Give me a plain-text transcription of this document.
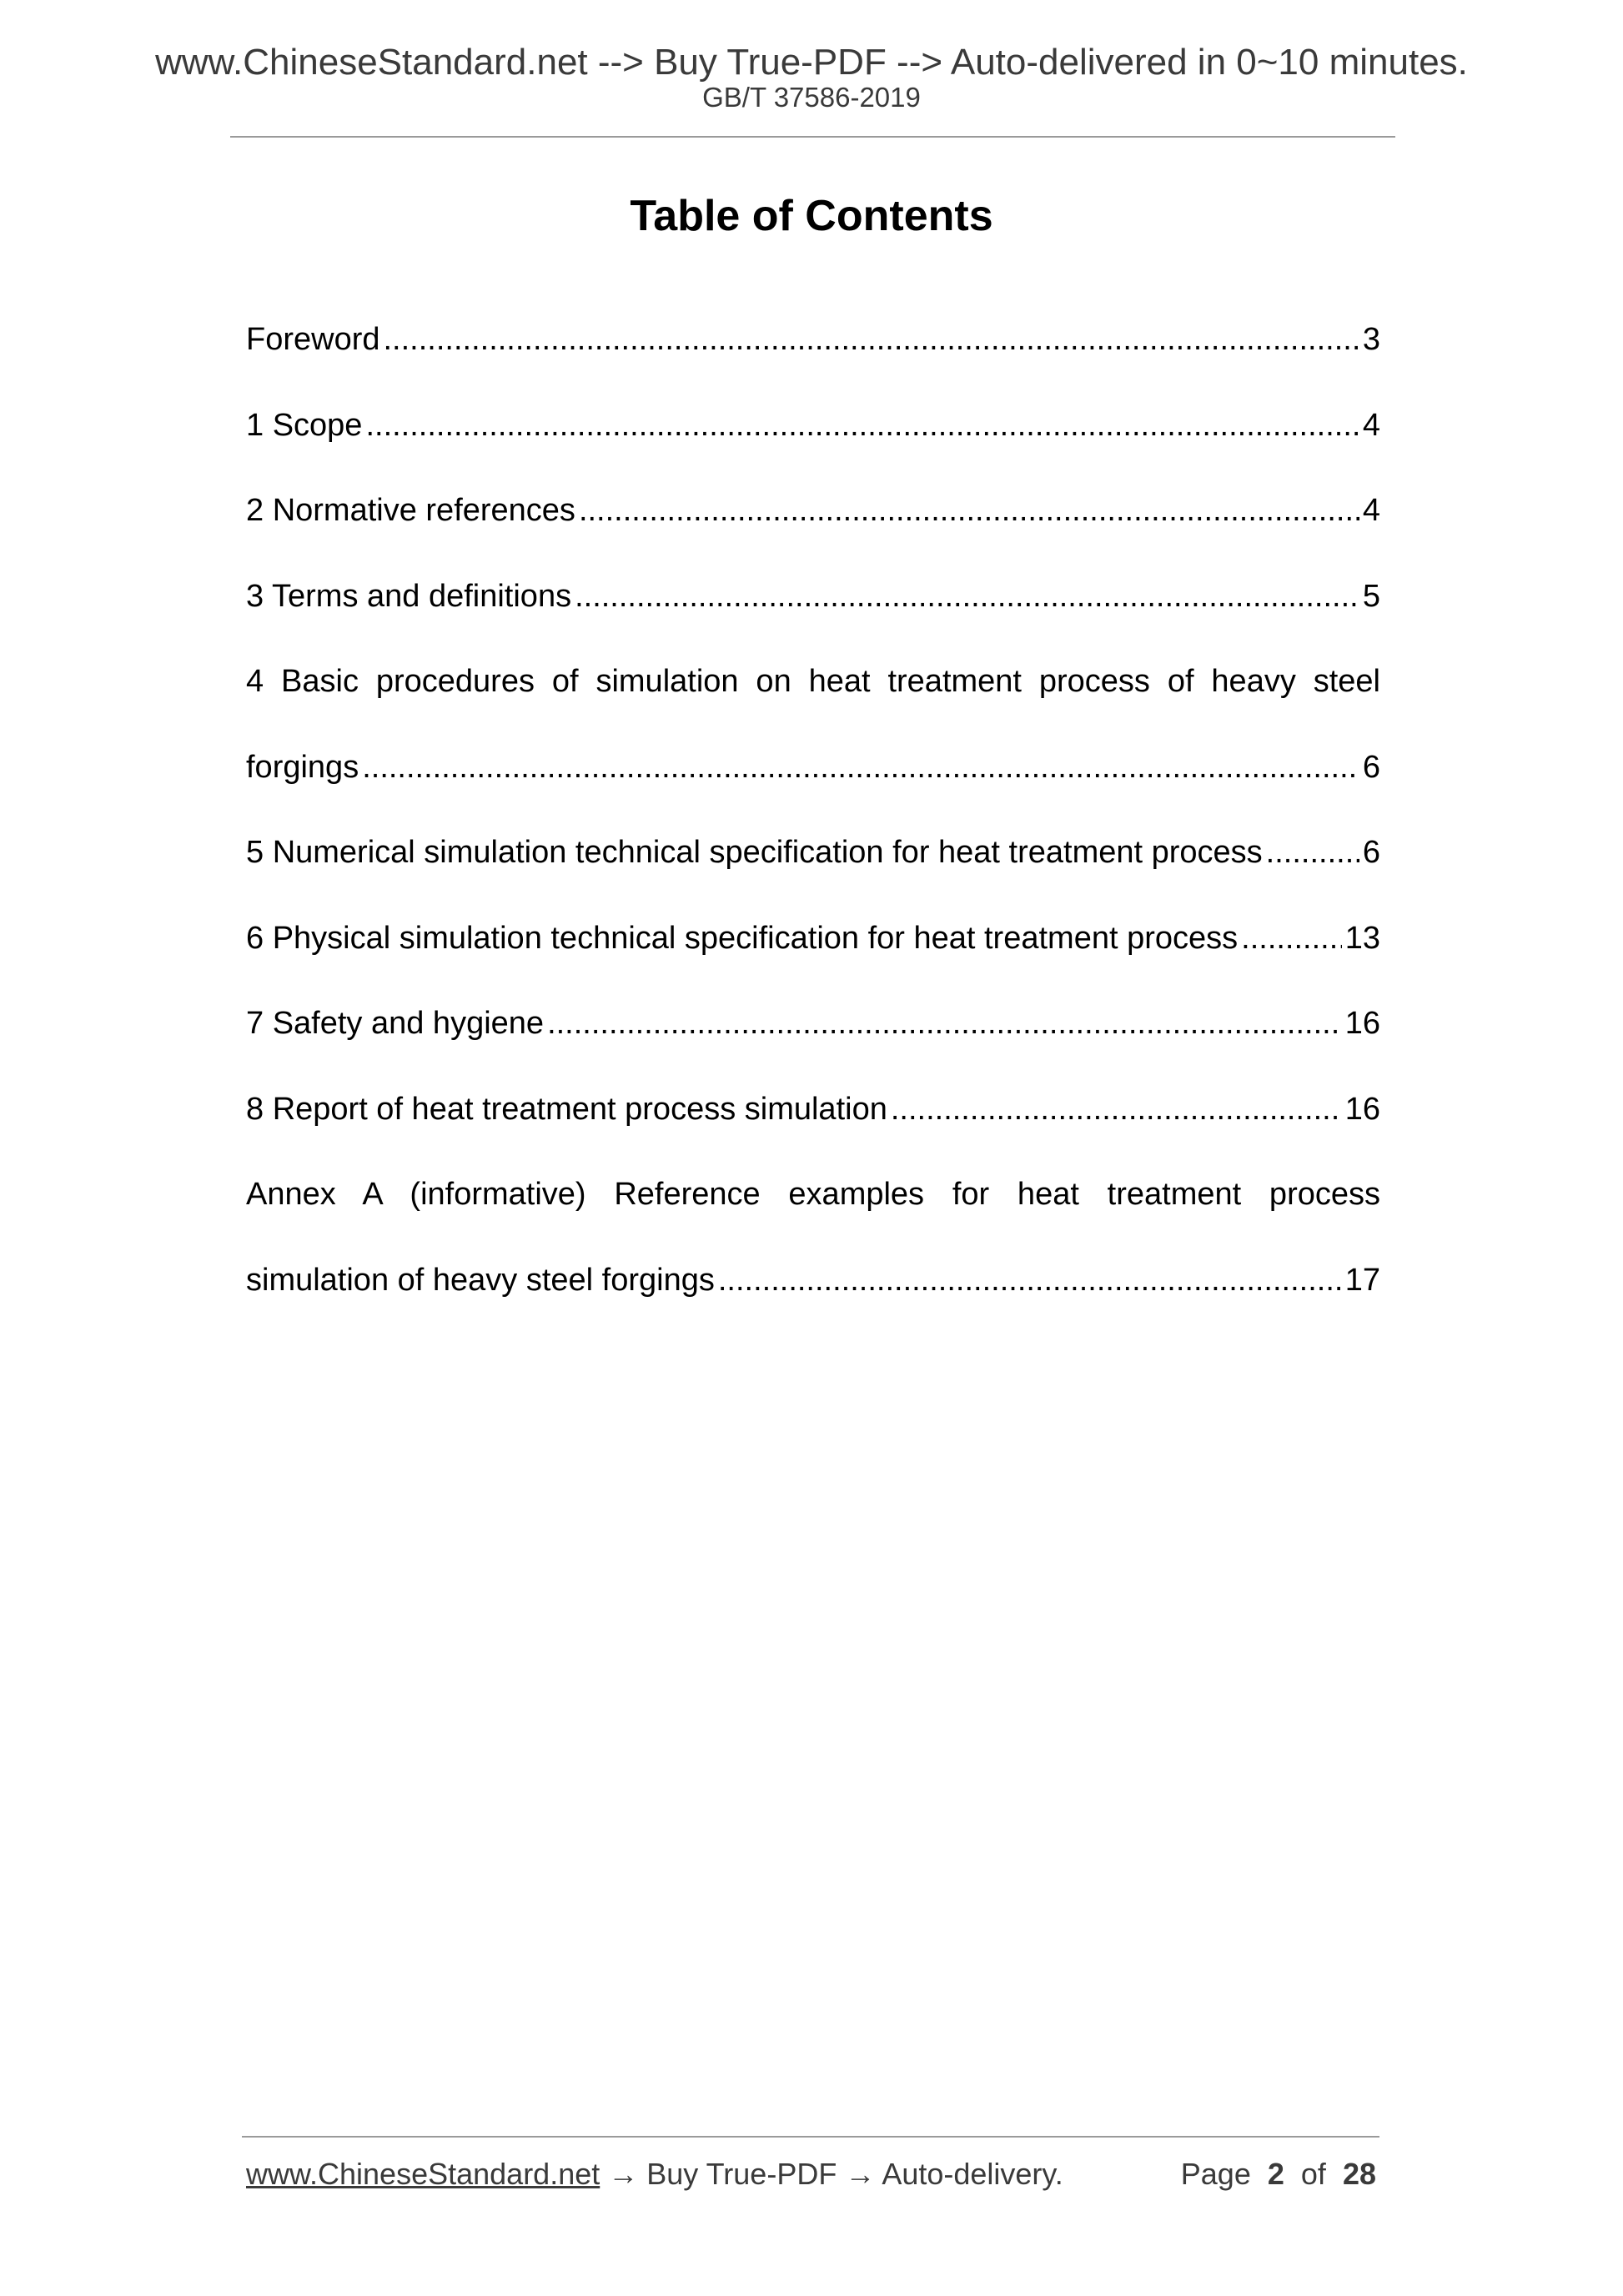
www.ChineseStandard.net --> Buy True-PDF --> Auto-delivered in 0~10 minutes.
GB/T 37586-2019
Table of Contents
Foreword .....	3
1 Scope .....	4
2 Normative references .....	4
3 Terms and definitions .....	5
4 Basic procedures of simulation on heat treatment process of heavy steel
forgings .....	6
5 Numerical simulation technical specification for heat treatment process .....	6
6 Physical simulation technical specification for heat treatment process .....	13
7 Safety and hygiene .....	16
8 Report of heat treatment process simulation .....	16
Annex A (informative) Reference examples for heat treatment process
simulation of heavy steel forgings .....	17
www.ChineseStandard.net → Buy True-PDF → Auto-delivery.	Page 2 of 28
